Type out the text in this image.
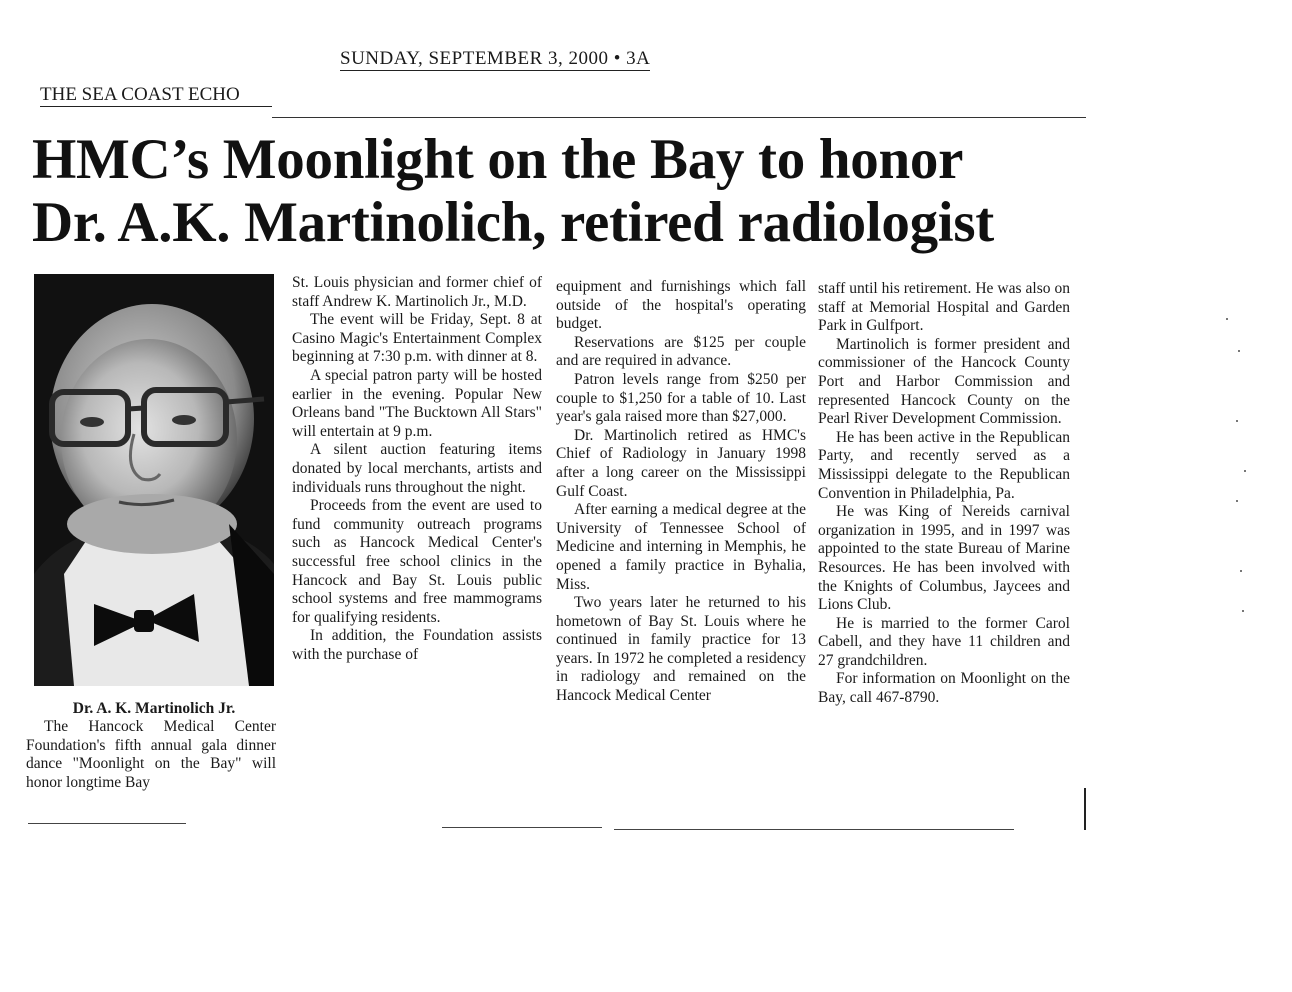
SUNDAY, SEPTEMBER 3, 2000 • 3A
THE SEA COAST ECHO
HMC’s Moonlight on the Bay to honor
Dr. A.K. Martinolich, retired radiologist
Dr. A. K. Martinolich Jr.

The Hancock Medical Center Foundation's fifth annual gala dinner dance "Moonlight on the Bay" will honor longtime Bay

St. Louis physician and former chief of staff Andrew K. Martinolich Jr., M.D.

The event will be Friday, Sept. 8 at Casino Magic's Entertainment Complex beginning at 7:30 p.m. with dinner at 8.

A special patron party will be hosted earlier in the evening. Popular New Orleans band "The Bucktown All Stars" will entertain at 9 p.m.

A silent auction featuring items donated by local merchants, artists and individuals runs throughout the night.

Proceeds from the event are used to fund community outreach programs such as Hancock Medical Center's successful free school clinics in the Hancock and Bay St. Louis public school systems and free mammograms for qualifying residents.

In addition, the Foundation assists with the purchase of

equipment and furnishings which fall outside of the hospital's operating budget.

Reservations are $125 per couple and are required in advance.

Patron levels range from $250 per couple to $1,250 for a table of 10. Last year's gala raised more than $27,000.

Dr. Martinolich retired as HMC's Chief of Radiology in January 1998 after a long career on the Mississippi Gulf Coast.

After earning a medical degree at the University of Tennessee School of Medicine and interning in Memphis, he opened a family practice in Byhalia, Miss.

Two years later he returned to his hometown of Bay St. Louis where he continued in family practice for 13 years. In 1972 he completed a residency in radiology and remained on the Hancock Medical Center

staff until his retirement. He was also on staff at Memorial Hospital and Garden Park in Gulfport.

Martinolich is former president and commissioner of the Hancock County Port and Harbor Commission and represented Hancock County on the Pearl River Development Commission.

He has been active in the Republican Party, and recently served as a Mississippi delegate to the Republican Convention in Philadelphia, Pa.

He was King of Nereids carnival organization in 1995, and in 1997 was appointed to the state Bureau of Marine Resources. He has been involved with the Knights of Columbus, Jaycees and Lions Club.

He is married to the former Carol Cabell, and they have 11 children and 27 grandchildren.

For information on Moonlight on the Bay, call 467-8790.
